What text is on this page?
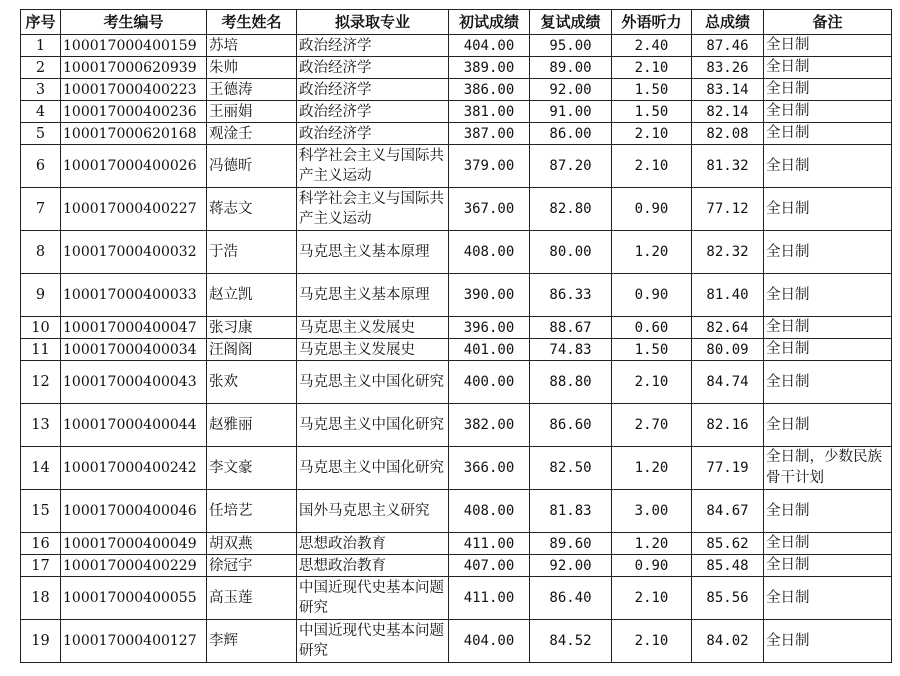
序号	考生编号	考生姓名	拟录取专业	初试成绩	复试成绩	外语听力	总成绩	备注
1	100017000400159	苏培	政治经济学	404.00	95.00	2.40	87.46	全日制
2	100017000620939	朱帅	政治经济学	389.00	89.00	2.10	83.26	全日制
3	100017000400223	王德涛	政治经济学	386.00	92.00	1.50	83.14	全日制
4	100017000400236	王丽娟	政治经济学	381.00	91.00	1.50	82.14	全日制
5	100017000620168	观淦壬	政治经济学	387.00	86.00	2.10	82.08	全日制
6	100017000400026	冯德昕	科学社会主义与国际共产主义运动	379.00	87.20	2.10	81.32	全日制
7	100017000400227	蒋志文	科学社会主义与国际共产主义运动	367.00	82.80	0.90	77.12	全日制
8	100017000400032	于浩	马克思主义基本原理	408.00	80.00	1.20	82.32	全日制
9	100017000400033	赵立凯	马克思主义基本原理	390.00	86.33	0.90	81.40	全日制
10	100017000400047	张习康	马克思主义发展史	396.00	88.67	0.60	82.64	全日制
11	100017000400034	汪阁阁	马克思主义发展史	401.00	74.83	1.50	80.09	全日制
12	100017000400043	张欢	马克思主义中国化研究	400.00	88.80	2.10	84.74	全日制
13	100017000400044	赵雅丽	马克思主义中国化研究	382.00	86.60	2.70	82.16	全日制
14	100017000400242	李文豪	马克思主义中国化研究	366.00	82.50	1.20	77.19	全日制，少数民族骨干计划
15	100017000400046	任培艺	国外马克思主义研究	408.00	81.83	3.00	84.67	全日制
16	100017000400049	胡双燕	思想政治教育	411.00	89.60	1.20	85.62	全日制
17	100017000400229	徐冠宇	思想政治教育	407.00	92.00	0.90	85.48	全日制
18	100017000400055	高玉莲	中国近现代史基本问题研究	411.00	86.40	2.10	85.56	全日制
19	100017000400127	李辉	中国近现代史基本问题研究	404.00	84.52	2.10	84.02	全日制
